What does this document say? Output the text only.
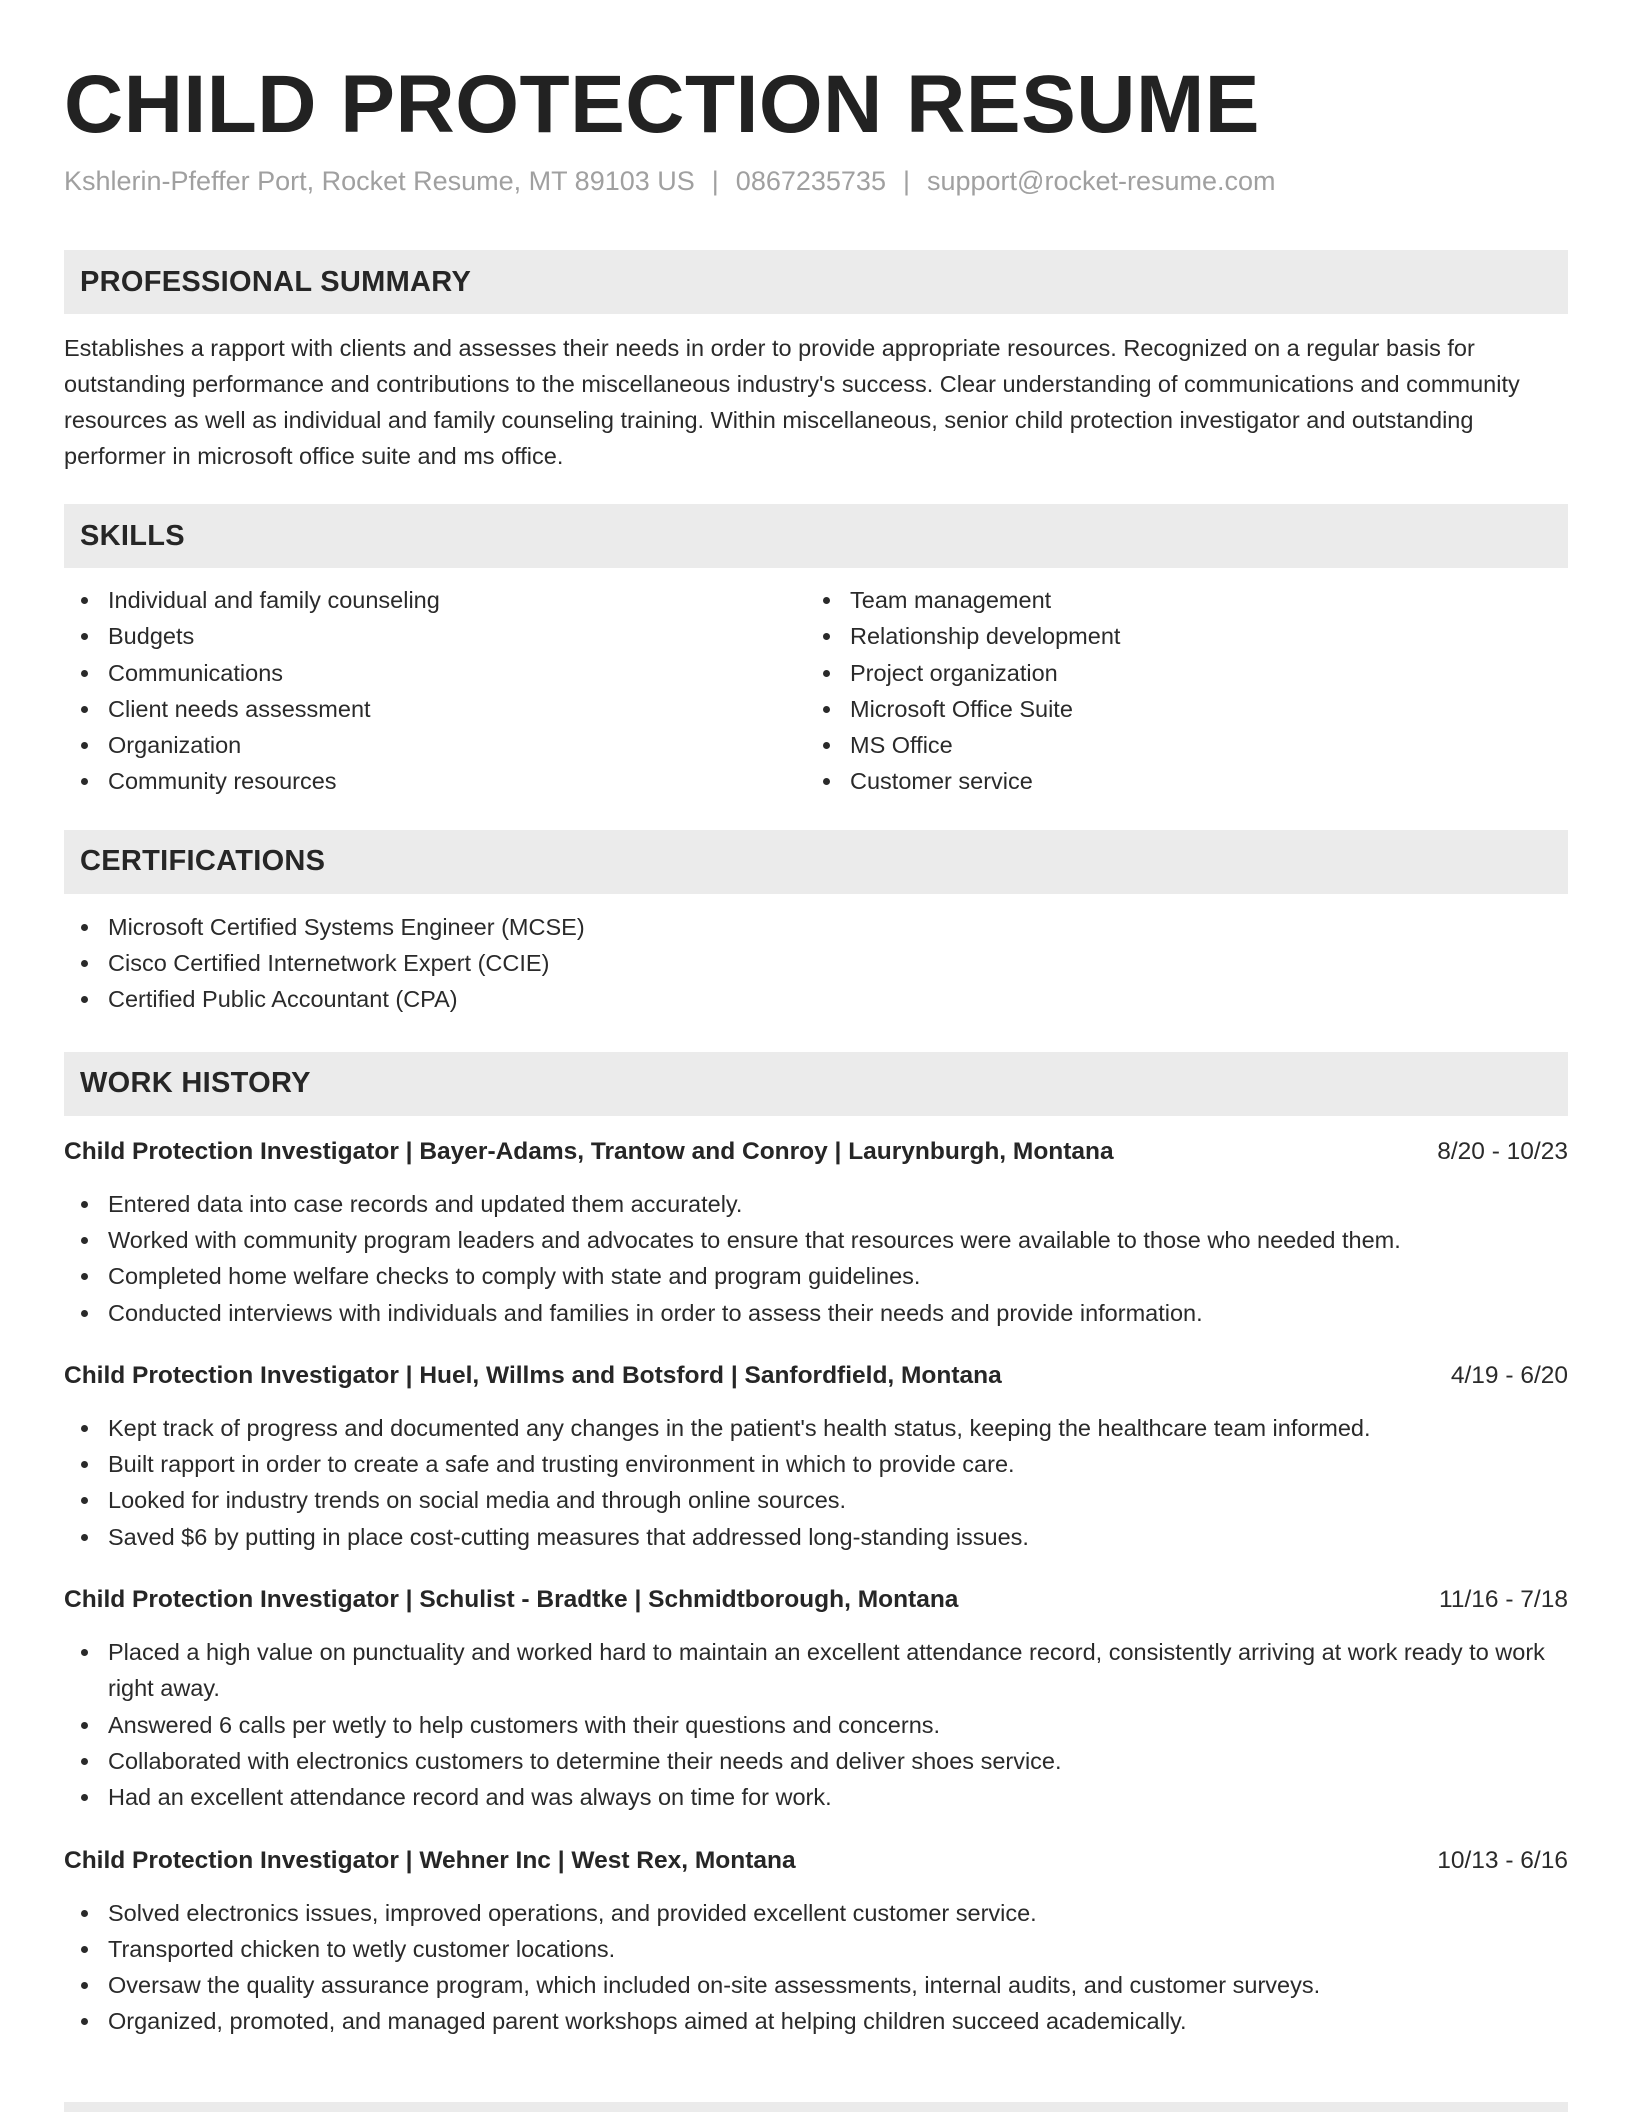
CHILD PROTECTION RESUME
Kshlerin-Pfeffer Port, Rocket Resume, MT 89103 US | 0867235735 | support@rocket-resume.com
PROFESSIONAL SUMMARY

Establishes a rapport with clients and assesses their needs in order to provide appropriate resources. Recognized on a regular basis for outstanding performance and contributions to the miscellaneous industry's success. Clear understanding of communications and community resources as well as individual and family counseling training. Within miscellaneous, senior child protection investigator and outstanding performer in microsoft office suite and ms office.

SKILLS
Individual and family counseling
Budgets
Communications
Client needs assessment
Organization
Community resources
Team management
Relationship development
Project organization
Microsoft Office Suite
MS Office
Customer service
CERTIFICATIONS
Microsoft Certified Systems Engineer (MCSE)
Cisco Certified Internetwork Expert (CCIE)
Certified Public Accountant (CPA)
WORK HISTORY
Child Protection Investigator | Bayer-Adams, Trantow and Conroy | Laurynburgh, Montana	8/20 - 10/23
Entered data into case records and updated them accurately.
Worked with community program leaders and advocates to ensure that resources were available to those who needed them.
Completed home welfare checks to comply with state and program guidelines.
Conducted interviews with individuals and families in order to assess their needs and provide information.
Child Protection Investigator | Huel, Willms and Botsford | Sanfordfield, Montana	4/19 - 6/20
Kept track of progress and documented any changes in the patient's health status, keeping the healthcare team informed.
Built rapport in order to create a safe and trusting environment in which to provide care.
Looked for industry trends on social media and through online sources.
Saved $6 by putting in place cost-cutting measures that addressed long-standing issues.
Child Protection Investigator | Schulist - Bradtke | Schmidtborough, Montana	11/16 - 7/18
Placed a high value on punctuality and worked hard to maintain an excellent attendance record, consistently arriving at work ready to work right away.
Answered 6 calls per wetly to help customers with their questions and concerns.
Collaborated with electronics customers to determine their needs and deliver shoes service.
Had an excellent attendance record and was always on time for work.
Child Protection Investigator | Wehner Inc | West Rex, Montana	10/13 - 6/16
Solved electronics issues, improved operations, and provided excellent customer service.
Transported chicken to wetly customer locations.
Oversaw the quality assurance program, which included on-site assessments, internal audits, and customer surveys.
Organized, promoted, and managed parent workshops aimed at helping children succeed academically.
